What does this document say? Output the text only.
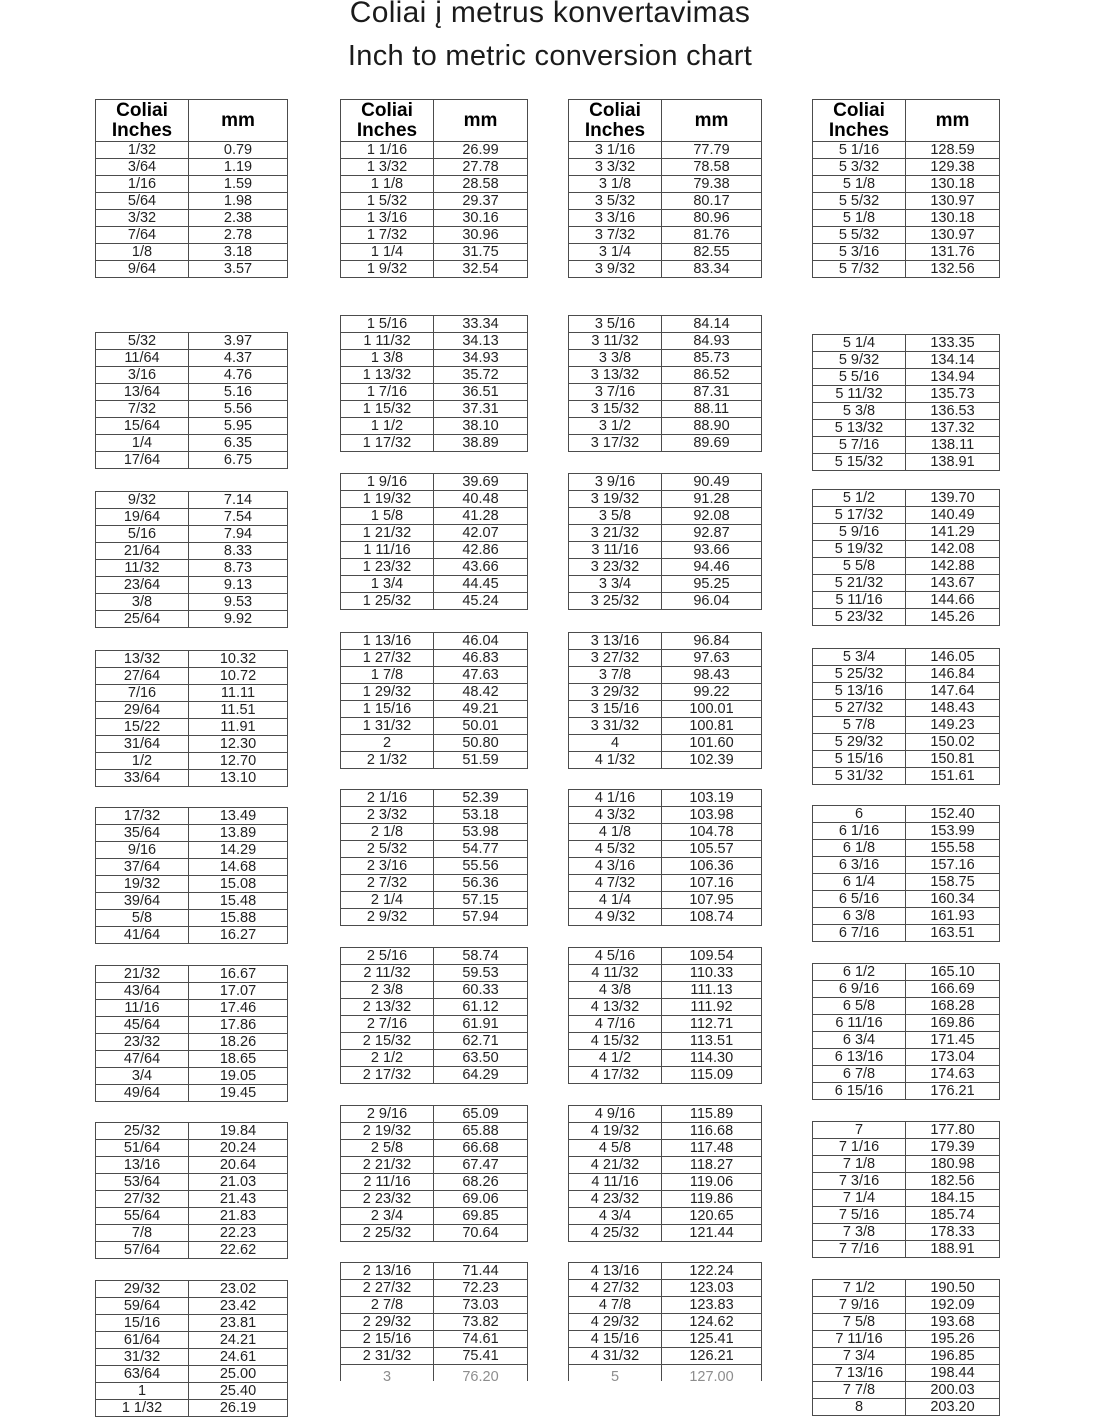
Coliai į metrus konvertavimas
Inch to metric conversion chart
Coliai
Inches	mm
1/32	0.79
3/64	1.19
1/16	1.59
5/64	1.98
3/32	2.38
7/64	2.78
1/8	3.18
9/64	3.57
5/32	3.97
11/64	4.37
3/16	4.76
13/64	5.16
7/32	5.56
15/64	5.95
1/4	6.35
17/64	6.75
9/32	7.14
19/64	7.54
5/16	7.94
21/64	8.33
11/32	8.73
23/64	9.13
3/8	9.53
25/64	9.92
13/32	10.32
27/64	10.72
7/16	11.11
29/64	11.51
15/22	11.91
31/64	12.30
1/2	12.70
33/64	13.10
17/32	13.49
35/64	13.89
9/16	14.29
37/64	14.68
19/32	15.08
39/64	15.48
5/8	15.88
41/64	16.27
21/32	16.67
43/64	17.07
11/16	17.46
45/64	17.86
23/32	18.26
47/64	18.65
3/4	19.05
49/64	19.45
25/32	19.84
51/64	20.24
13/16	20.64
53/64	21.03
27/32	21.43
55/64	21.83
7/8	22.23
57/64	22.62
29/32	23.02
59/64	23.42
15/16	23.81
61/64	24.21
31/32	24.61
63/64	25.00
1	25.40
1 1/32	26.19
Coliai
Inches	mm
1 1/16	26.99
1 3/32	27.78
1 1/8	28.58
1 5/32	29.37
1 3/16	30.16
1 7/32	30.96
1 1/4	31.75
1 9/32	32.54
1 5/16	33.34
1 11/32	34.13
1 3/8	34.93
1 13/32	35.72
1 7/16	36.51
1 15/32	37.31
1 1/2	38.10
1 17/32	38.89
1 9/16	39.69
1 19/32	40.48
1 5/8	41.28
1 21/32	42.07
1 11/16	42.86
1 23/32	43.66
1 3/4	44.45
1 25/32	45.24
1 13/16	46.04
1 27/32	46.83
1 7/8	47.63
1 29/32	48.42
1 15/16	49.21
1 31/32	50.01
2	50.80
2 1/32	51.59
2 1/16	52.39
2 3/32	53.18
2 1/8	53.98
2 5/32	54.77
2 3/16	55.56
2 7/32	56.36
2 1/4	57.15
2 9/32	57.94
2 5/16	58.74
2 11/32	59.53
2 3/8	60.33
2 13/32	61.12
2 7/16	61.91
2 15/32	62.71
2 1/2	63.50
2 17/32	64.29
2 9/16	65.09
2 19/32	65.88
2 5/8	66.68
2 21/32	67.47
2 11/16	68.26
2 23/32	69.06
2 3/4	69.85
2 25/32	70.64
2 13/16	71.44
2 27/32	72.23
2 7/8	73.03
2 29/32	73.82
2 15/16	74.61
2 31/32	75.41

3	76.20
Coliai
Inches	mm
3 1/16	77.79
3 3/32	78.58
3 1/8	79.38
3 5/32	80.17
3 3/16	80.96
3 7/32	81.76
3 1/4	82.55
3 9/32	83.34
3 5/16	84.14
3 11/32	84.93
3 3/8	85.73
3 13/32	86.52
3 7/16	87.31
3 15/32	88.11
3 1/2	88.90
3 17/32	89.69
3 9/16	90.49
3 19/32	91.28
3 5/8	92.08
3 21/32	92.87
3 11/16	93.66
3 23/32	94.46
3 3/4	95.25
3 25/32	96.04
3 13/16	96.84
3 27/32	97.63
3 7/8	98.43
3 29/32	99.22
3 15/16	100.01
3 31/32	100.81
4	101.60
4 1/32	102.39
4 1/16	103.19
4 3/32	103.98
4 1/8	104.78
4 5/32	105.57
4 3/16	106.36
4 7/32	107.16
4 1/4	107.95
4 9/32	108.74
4 5/16	109.54
4 11/32	110.33
4 3/8	111.13
4 13/32	111.92
4 7/16	112.71
4 15/32	113.51
4 1/2	114.30
4 17/32	115.09
4 9/16	115.89
4 19/32	116.68
4 5/8	117.48
4 21/32	118.27
4 11/16	119.06
4 23/32	119.86
4 3/4	120.65
4 25/32	121.44
4 13/16	122.24
4 27/32	123.03
4 7/8	123.83
4 29/32	124.62
4 15/16	125.41
4 31/32	126.21

5	127.00
Coliai
Inches	mm
5 1/16	128.59
5 3/32	129.38
5 1/8	130.18
5 5/32	130.97
5 1/8	130.18
5 5/32	130.97
5 3/16	131.76
5 7/32	132.56
5 1/4	133.35
5 9/32	134.14
5 5/16	134.94
5 11/32	135.73
5 3/8	136.53
5 13/32	137.32
5 7/16	138.11
5 15/32	138.91
5 1/2	139.70
5 17/32	140.49
5 9/16	141.29
5 19/32	142.08
5 5/8	142.88
5 21/32	143.67
5 11/16	144.66
5 23/32	145.26
5 3/4	146.05
5 25/32	146.84
5 13/16	147.64
5 27/32	148.43
5 7/8	149.23
5 29/32	150.02
5 15/16	150.81
5 31/32	151.61
6	152.40
6 1/16	153.99
6 1/8	155.58
6 3/16	157.16
6 1/4	158.75
6 5/16	160.34
6 3/8	161.93
6 7/16	163.51
6 1/2	165.10
6 9/16	166.69
6 5/8	168.28
6 11/16	169.86
6 3/4	171.45
6 13/16	173.04
6 7/8	174.63
6 15/16	176.21
7	177.80
7 1/16	179.39
7 1/8	180.98
7 3/16	182.56
7 1/4	184.15
7 5/16	185.74
7 3/8	178.33
7 7/16	188.91
7 1/2	190.50
7 9/16	192.09
7 5/8	193.68
7 11/16	195.26
7 3/4	196.85
7 13/16	198.44
7 7/8	200.03
8	203.20
